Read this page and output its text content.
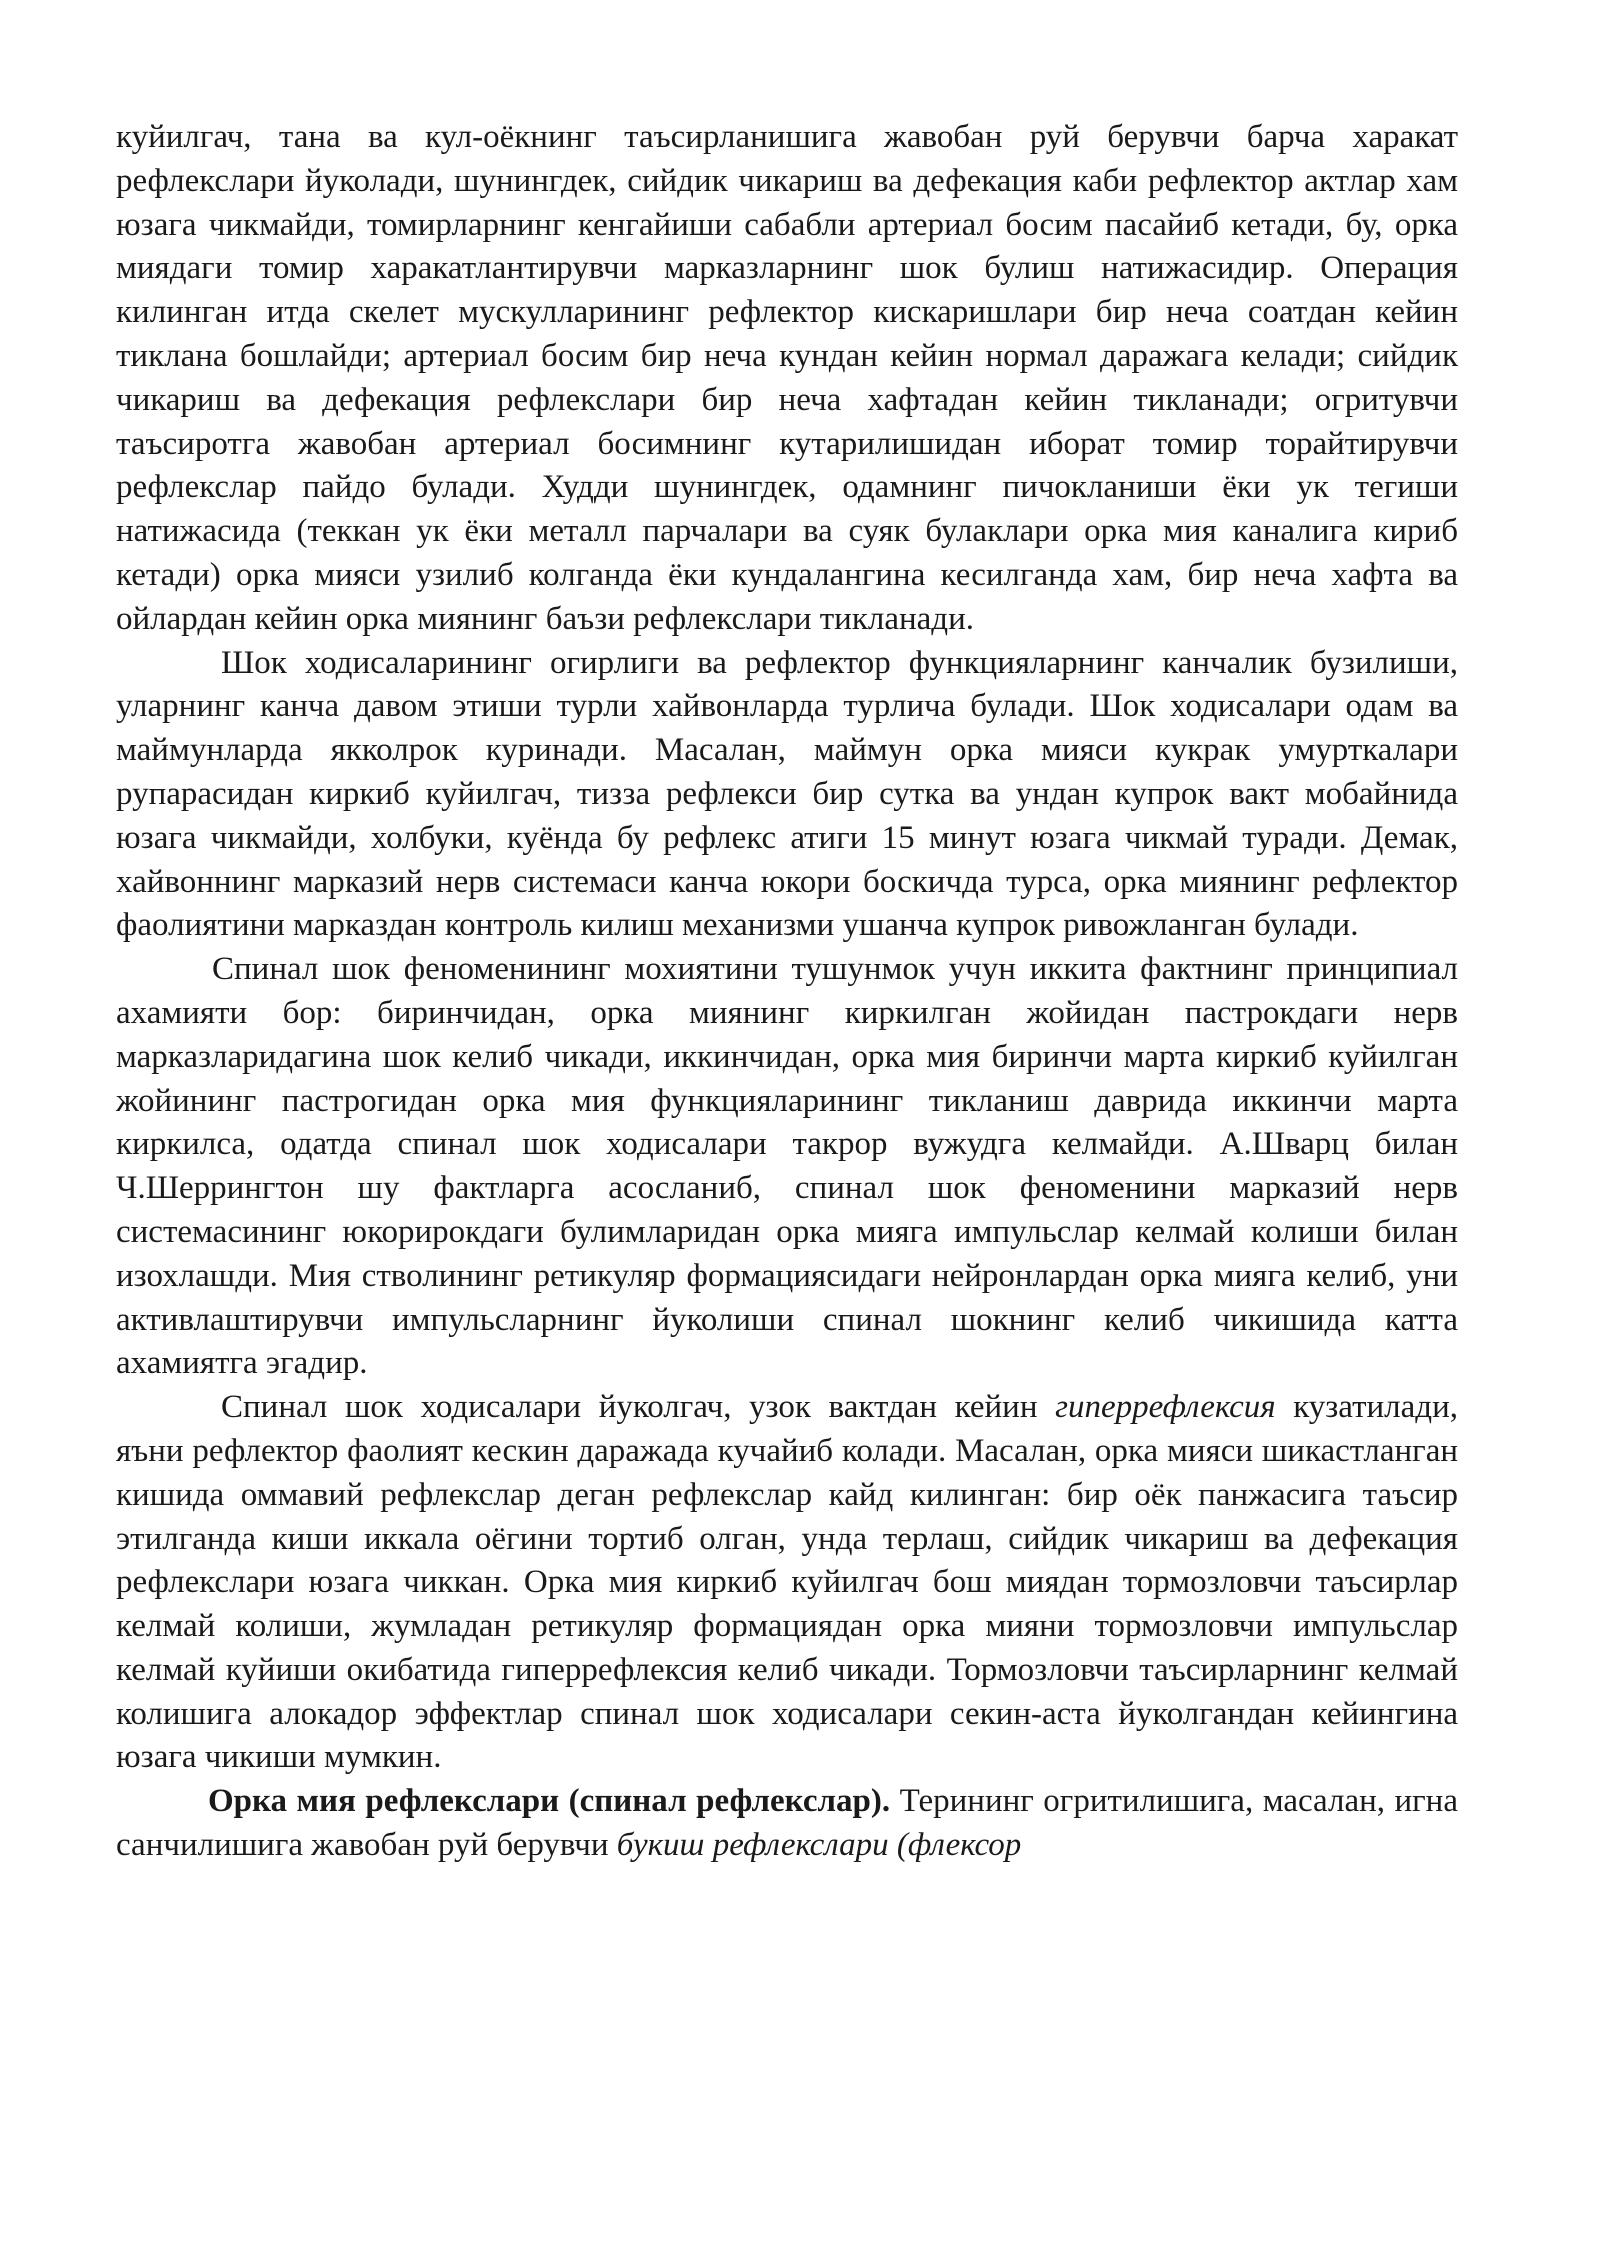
куйилгач, тана ва кул-оёкнинг таъсирланишига жавобан руй берувчи барча харакат рефлекслари йуколади, шунингдек, сийдик чикариш ва дефекация каби рефлектор актлар хам юзага чикмайди, томирларнинг кенгайиши сабабли артериал босим пасайиб кетади, бу, орка миядаги томир харакатлантирувчи марказларнинг шок булиш натижасидир. Операция килинган итда скелет мускулларининг рефлектор кискаришлари бир неча соатдан кейин тиклана бошлайди; артериал босим бир неча кундан кейин нормал даражага келади; сийдик чикариш ва дефекация рефлекслари бир неча хафтадан кейин тикланади; огритувчи таъсиротга жавобан артериал босимнинг кутарилишидан иборат томир торайтирувчи рефлекслар пайдо булади. Худди шунингдек, одамнинг пичокланиши ёки ук тегиши натижасида (теккан ук ёки металл парчалари ва суяк булаклари орка мия каналига кириб кетади) орка мияси узилиб колганда ёки кундалангина кесилганда хам, бир неча хафта ва ойлардан кейин орка миянинг баъзи рефлекслари тикланади.

Шок ходисаларининг огирлиги ва рефлектор функцияларнинг канчалик бузилиши, уларнинг канча давом этиши турли хайвонларда турлича булади. Шок ходисалари одам ва маймунларда якколрок куринади. Масалан, маймун орка мияси кукрак умурткалари рупарасидан киркиб куйилгач, тизза рефлекси бир сутка ва ундан купрок вакт мобайнида юзага чикмайди, холбуки, куёнда бу рефлекс атиги 15 минут юзага чикмай туради. Демак, хайвоннинг марказий нерв системаси канча юкори боскичда турса, орка миянинг рефлектор фаолиятини марказдан контроль килиш механизми ушанча купрок ривожланган булади.

Спинал шок феноменининг мохиятини тушунмок учун иккита фактнинг принципиал ахамияти бор: биринчидан, орка миянинг киркилган жойидан пастрокдаги нерв марказларидагина шок келиб чикади, иккинчидан, орка мия биринчи марта киркиб куйилган жойининг пастрогидан орка мия функцияларининг тикланиш даврида иккинчи марта киркилса, одатда спинал шок ходисалари такрор вужудга келмайди. А.Шварц билан Ч.Шеррингтон шу фактларга асосланиб, спинал шок феноменини марказий нерв системасининг юкорирокдаги булимларидан орка мияга импульслар келмай колиши билан изохлашди. Мия стволининг ретикуляр формациясидаги нейронлардан орка мияга келиб, уни активлаштирувчи импульсларнинг йуколиши спинал шокнинг келиб чикишида катта ахамиятга эгадир.

Спинал шок ходисалари йуколгач, узок вактдан кейин гиперрефлексия кузатилади, яъни рефлектор фаолият кескин даражада кучайиб колади. Масалан, орка мияси шикастланган кишида оммавий рефлекслар деган рефлекслар кайд килинган: бир оёк панжасига таъсир этилганда киши иккала оёгини тортиб олган, унда терлаш, сийдик чикариш ва дефекация рефлекслари юзага чиккан. Орка мия киркиб куйилгач бош миядан тормозловчи таъсирлар келмай колиши, жумладан ретикуляр формациядан орка мияни тормозловчи импульслар келмай куйиши окибатида гиперрефлексия келиб чикади. Тормозловчи таъсирларнинг келмай колишига алокадор эффектлар спинал шок ходисалари секин-аста йуколгандан кейингина юзага чикиши мумкин.

Орка мия рефлекслари (спинал рефлекслар). Терининг огритилишига, масалан, игна санчилишига жавобан руй берувчи букиш рефлекслари (флексор
